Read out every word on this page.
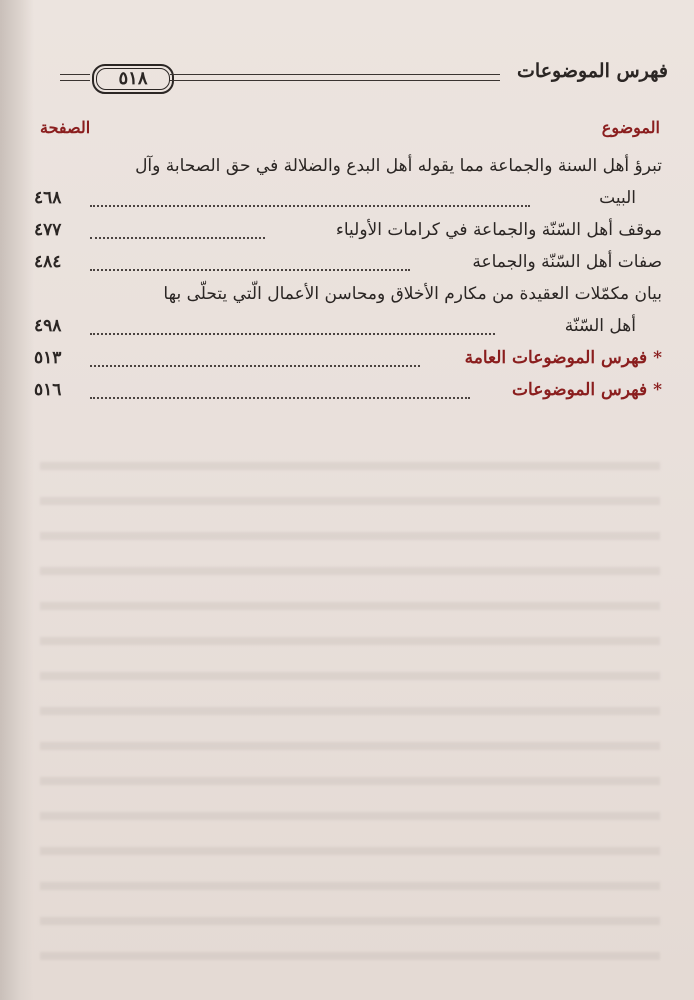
٥١٨	فهرس الموضوعات
الموضوع
الصفحة
تبرؤ أهل السنة والجماعة مما يقوله أهل البدع والضلالة في حق الصحابة وآل
البيت
٤٦٨
موقف أهل السّنّة والجماعة في كرامات الأولياء
٤٧٧
صفات أهل السّنّة والجماعة
٤٨٤
بيان مكمّلات العقيدة من مكارم الأخلاق ومحاسن الأعمال الّتي يتحلّى بها
أهل السّنّة
٤٩٨
*فهرس الموضوعات العامة
٥١٣
*فهرس الموضوعات
٥١٦
